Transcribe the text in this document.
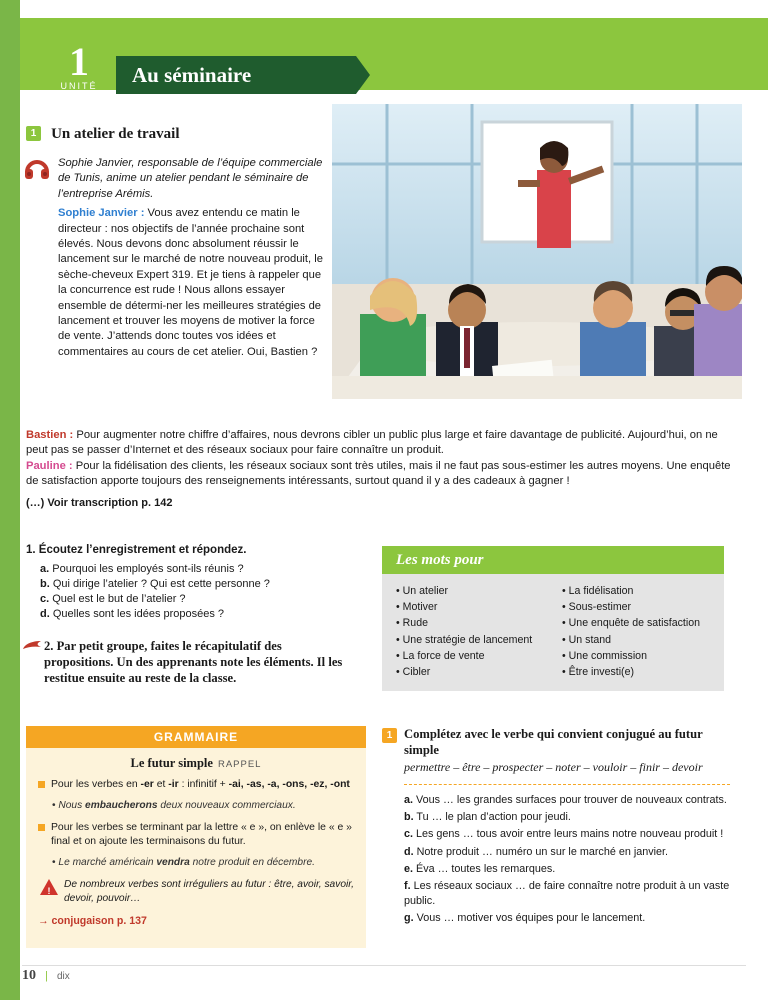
1
UNITÉ	Au séminaire
1 Un atelier de travail
Sophie Janvier, responsable de l’équipe commerciale de Tunis, anime un atelier pendant le séminaire de l’entreprise Arémis.
Sophie Janvier : Vous avez entendu ce matin le directeur : nos objectifs de l’année prochaine sont élevés. Nous devons donc absolument réussir le lancement sur le marché de notre nouveau produit, le sèche-cheveux Expert 319. Et je tiens à rappeler que la concurrence est rude ! Nous allons essayer ensemble de détermi-ner les meilleures stratégies de lancement et trouver les moyens de motiver la force de vente. J’attends donc toutes vos idées et commentaires au cours de cet atelier. Oui, Bastien ?
Bastien : Pour augmenter notre chiffre d’affaires, nous devrons cibler un public plus large et faire davantage de publicité. Aujourd’hui, on ne peut pas se passer d’Internet et des réseaux sociaux pour faire connaître un produit.
Pauline : Pour la fidélisation des clients, les réseaux sociaux sont très utiles, mais il ne faut pas sous-estimer les autres moyens. Une enquête de satisfaction apporte toujours des renseignements intéressants, surtout quand il y a des cadeaux à gagner !
(…) Voir transcription p. 142
1. Écoutez l’enregistrement et répondez.
a. Pourquoi les employés sont-ils réunis ?
b. Qui dirige l’atelier ? Qui est cette personne ?
c. Quel est le but de l’atelier ?
d. Quelles sont les idées proposées ?

2. Par petit groupe, faites le récapitulatif des propositions. Un des apprenants note les éléments. Il les restitue ensuite au reste de la classe.

Les mots pour
• Un atelier
• Motiver
• Rude
• Une stratégie de lancement
• La force de vente
• Cibler
• La fidélisation
• Sous-estimer
• Une enquête de satisfaction
• Un stand
• Une commission
• Être investi(e)
GRAMMAIRE
Le futur simple RAPPEL
Pour les verbes en -er et -ir : infinitif + -ai, -as, -a, -ons, -ez, -ont
• Nous embaucherons deux nouveaux commerciaux.
Pour les verbes se terminant par la lettre « e », on enlève le « e » final et on ajoute les terminaisons du futur.
• Le marché américain vendra notre produit en décembre.
!
De nombreux verbes sont irréguliers au futur : être, avoir, savoir, devoir, pouvoir…
→ conjugaison p. 137
1 Complétez avec le verbe qui convient conjugué au futur simple
permettre – être – prospecter – noter – vouloir – finir – devoir
a. Vous … les grandes surfaces pour trouver de nouveaux contrats.
b. Tu … le plan d’action pour jeudi.
c. Les gens … tous avoir entre leurs mains notre nouveau produit !
d. Notre produit … numéro un sur le marché en janvier.
e. Éva … toutes les remarques.
f. Les réseaux sociaux … de faire connaître notre produit à un vaste public.
g. Vous … motiver vos équipes pour le lancement.
10 | dix
